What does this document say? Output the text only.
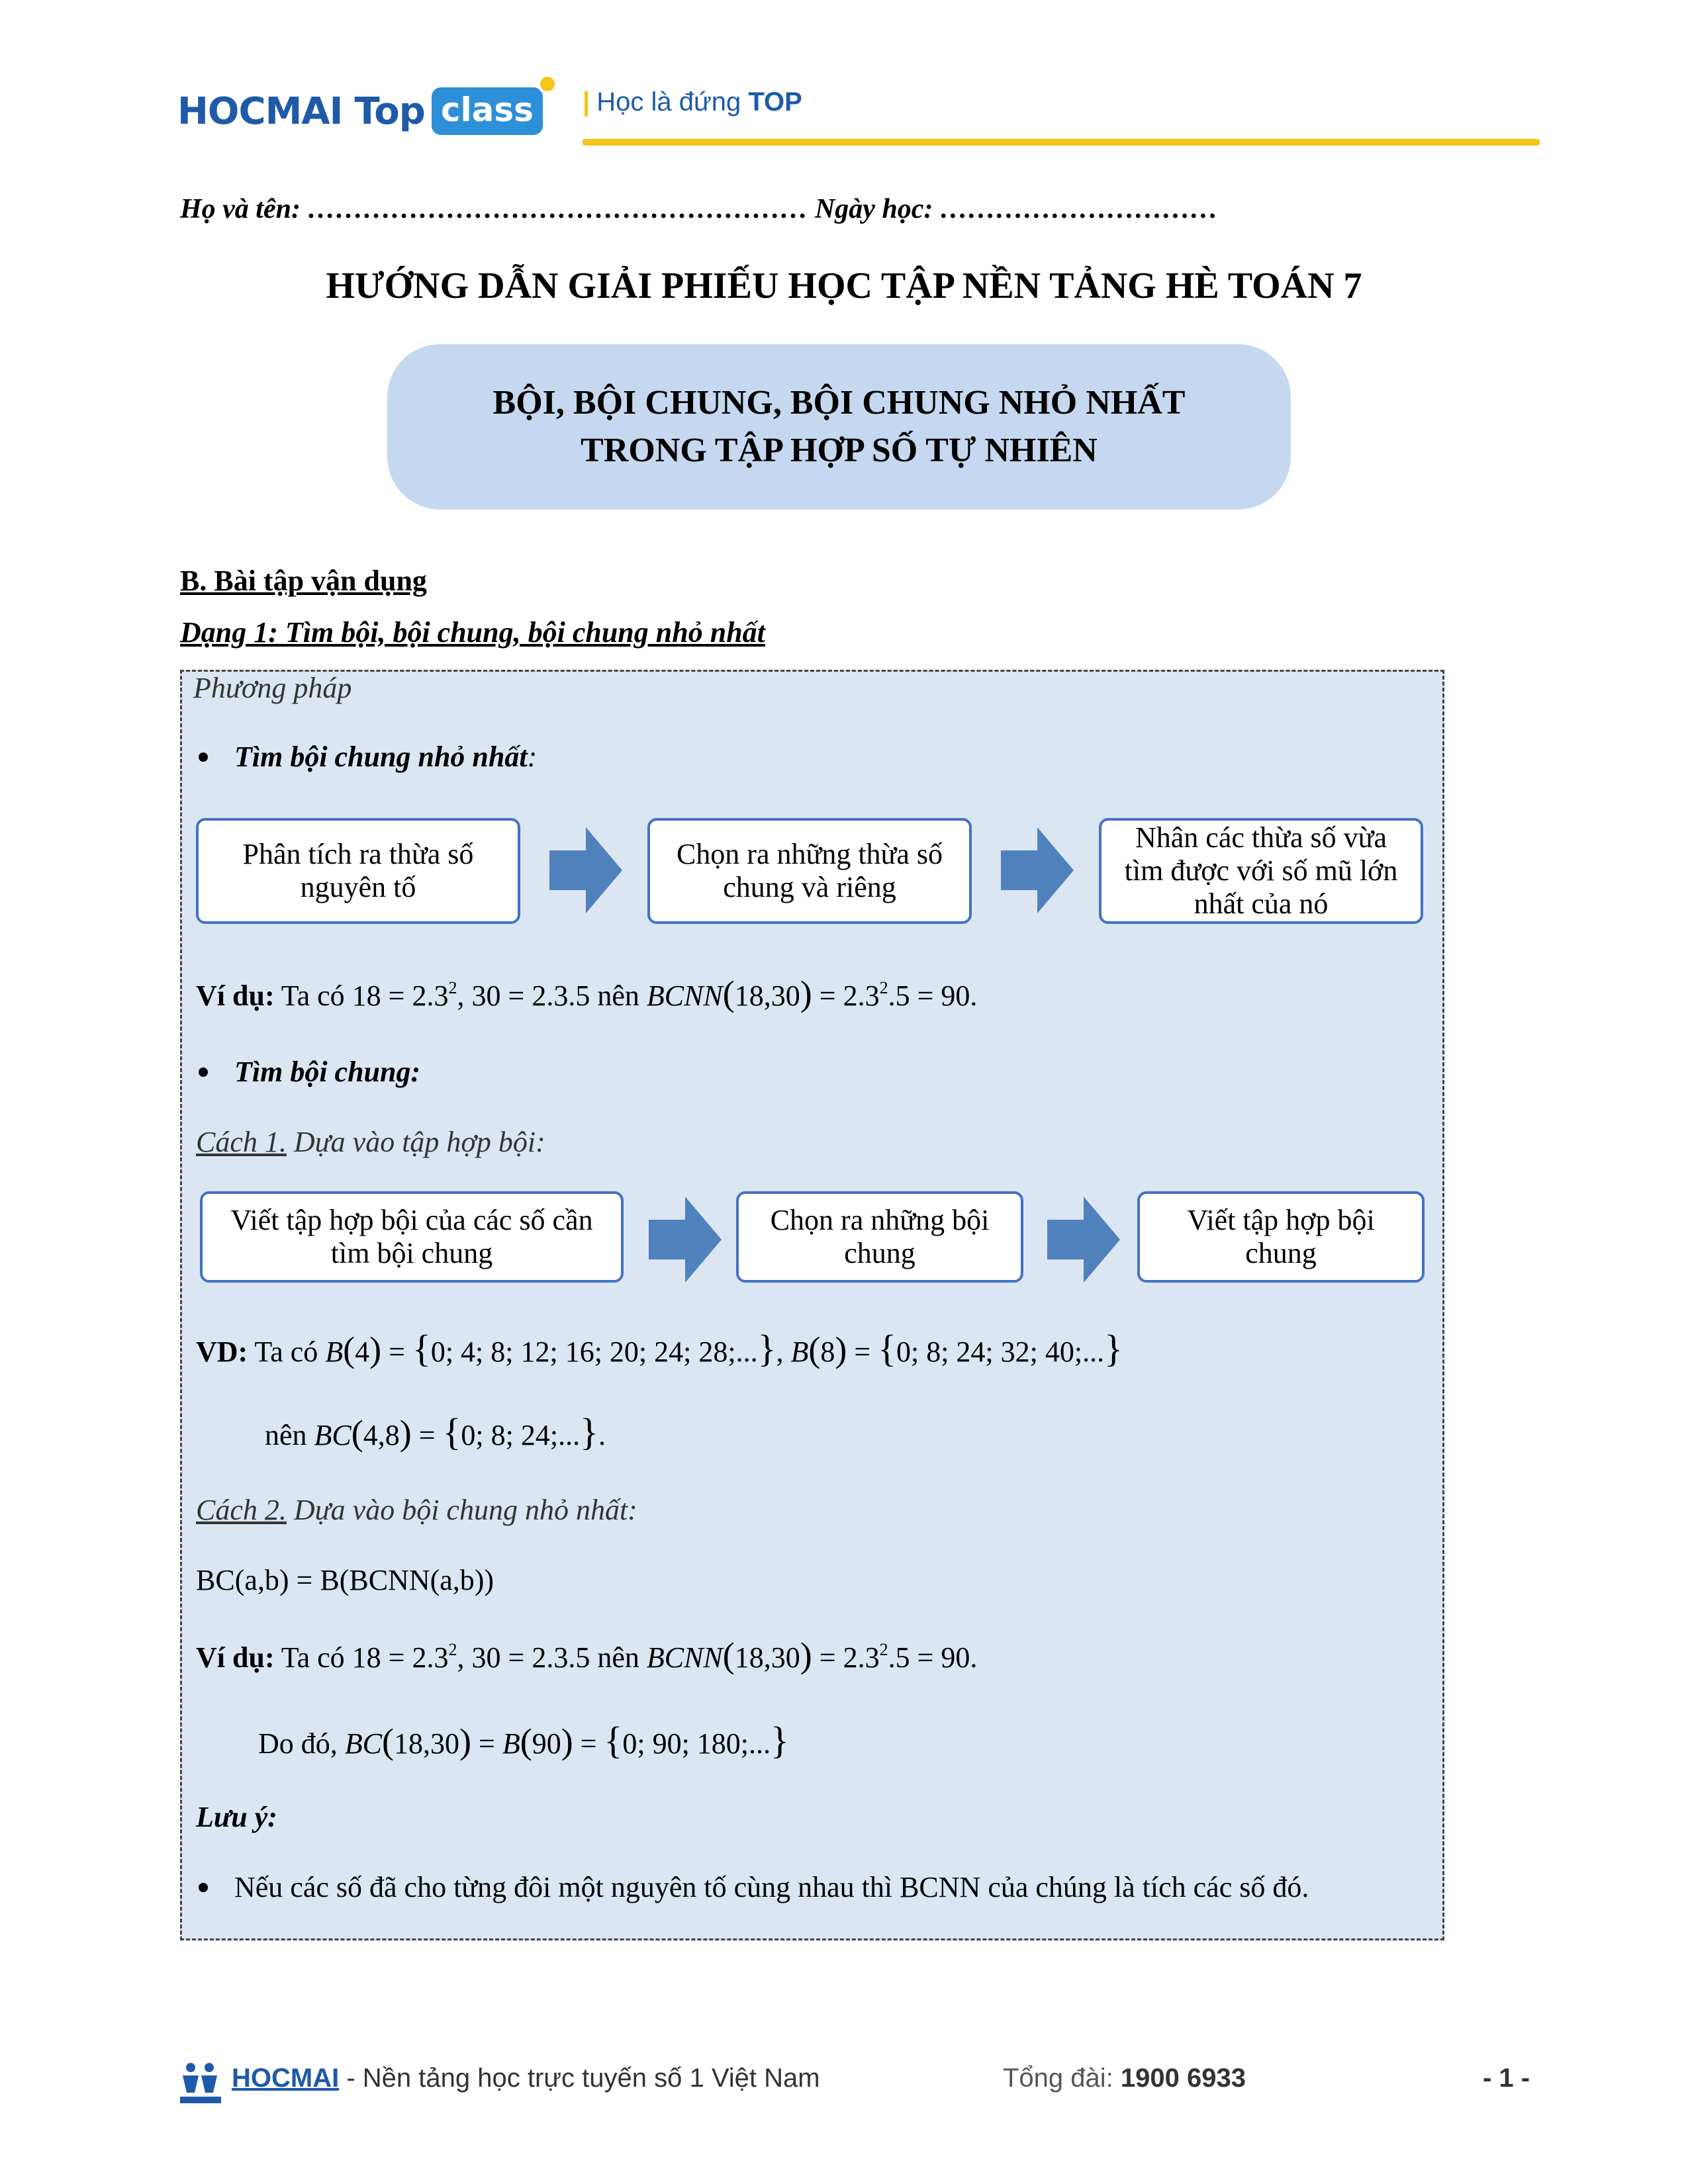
HOCMAI Top class	| Học là đứng TOP
Họ và tên: ……………………………………………… Ngày học: …………………………
HƯỚNG DẪN GIẢI PHIẾU HỌC TẬP NỀN TẢNG HÈ TOÁN 7
BỘI, BỘI CHUNG, BỘI CHUNG NHỎ NHẤT
TRONG TẬP HỢP SỐ TỰ NHIÊN
B. Bài tập vận dụng
Dạng 1: Tìm bội, bội chung, bội chung nhỏ nhất
Phương pháp
Tìm bội chung nhỏ nhất:
Phân tích ra thừa số nguyên tố
Chọn ra những thừa số chung và riêng
Nhân các thừa số vừa tìm được với số mũ lớn nhất của nó
Ví dụ: Ta có $18 = 2.3^2$, 30 = 2.3.5 nên BCNN(18,30) = $2.3^2.5 = 90$.
Tìm bội chung:
Cách 1. Dựa vào tập hợp bội:
Viết tập hợp bội của các số cần tìm bội chung
Chọn ra những bội chung
Viết tập hợp bội chung
VD: Ta có B(4) = {0; 4; 8; 12; 16; 20; 24; 28;...}, B(8) = {0; 8; 24; 32; 40;...}
nên BC(4,8) = {0; 8; 24;...}.
Cách 2. Dựa vào bội chung nhỏ nhất:
BC(a,b) = B(BCNN(a,b))
Ví dụ: Ta có $18 = 2.3^2$, 30 = 2.3.5 nên BCNN(18,30) = $2.3^2.5 = 90$.
Do đó, BC(18,30) = B(90) = {0; 90; 180;...}
Lưu ý:
Nếu các số đã cho từng đôi một nguyên tố cùng nhau thì BCNN của chúng là tích các số đó.
HOCMAI - Nền tảng học trực tuyến số 1 Việt Nam	Tổng đài: 1900 6933	- 1 -
